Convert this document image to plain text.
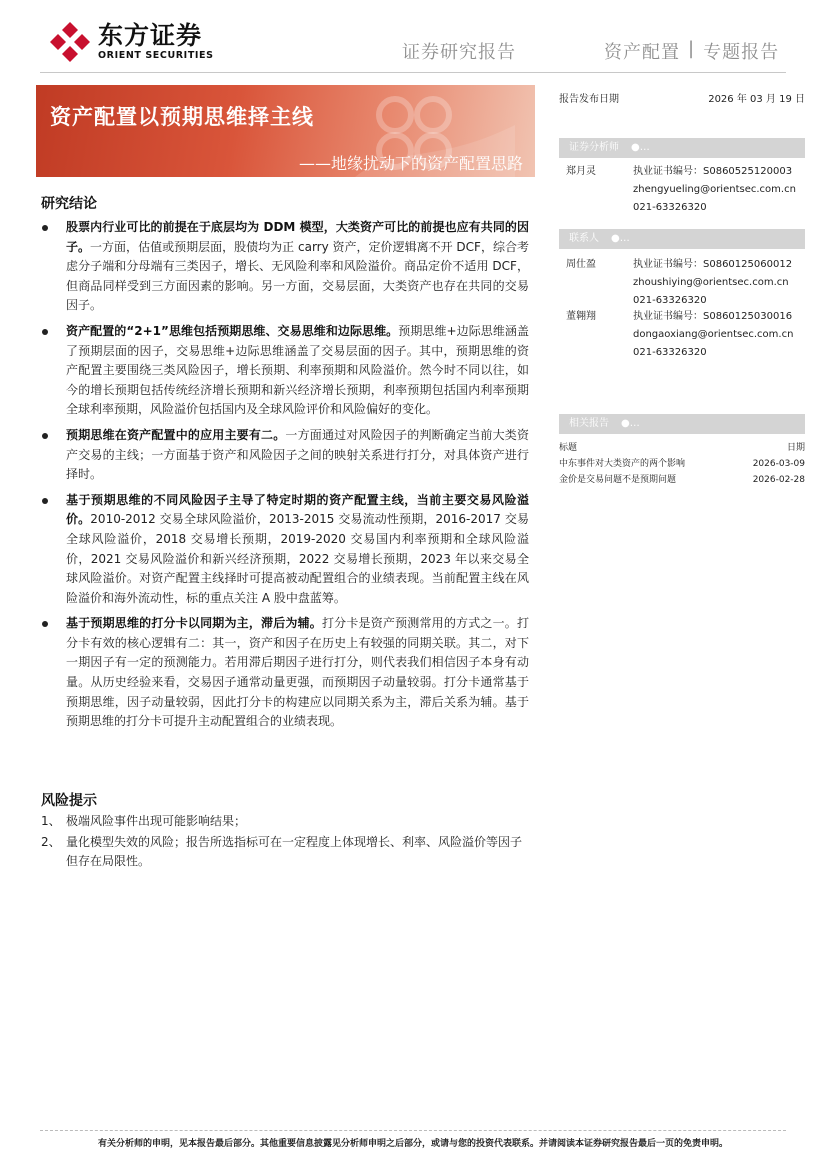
东方证券
ORIENT SECURITIES	证券研究报告	资产配置 | 专题报告
资产配置以预期思维择主线
——地缘扰动下的资产配置思路
报告发布日期	2026 年 03 月 19 日
证券分析师 ●…
郑月灵	执业证书编号：S0860525120003
zhengyueling@orientsec.com.cn
021-63326320
联系人 ●…
周仕盈	执业证书编号：S0860125060012
zhoushiying@orientsec.com.cn
021-63326320
董翱翔	执业证书编号：S0860125030016
dongaoxiang@orientsec.com.cn
021-63326320
相关报告 ●…
标题	日期
中东事件对大类资产的两个影响	2026-03-09
金价是交易问题不是预期问题	2026-02-28
研究结论
股票内行业可比的前提在于底层均为 DDM 模型，大类资产可比的前提也应有共同的因子。一方面，估值或预期层面，股债均为正 carry 资产，定价逻辑离不开 DCF，综合考虑分子端和分母端有三类因子，增长、无风险利率和风险溢价。商品定价不适用 DCF，但商品同样受到三方面因素的影响。另一方面，交易层面，大类资产也存在共同的交易因子。
资产配置的“2+1”思维包括预期思维、交易思维和边际思维。预期思维+边际思维涵盖了预期层面的因子，交易思维+边际思维涵盖了交易层面的因子。其中，预期思维的资产配置主要围绕三类风险因子，增长预期、利率预期和风险溢价。然今时不同以往，如今的增长预期包括传统经济增长预期和新兴经济增长预期，利率预期包括国内利率预期全球利率预期，风险溢价包括国内及全球风险评价和风险偏好的变化。
预期思维在资产配置中的应用主要有二。一方面通过对风险因子的判断确定当前大类资产交易的主线；一方面基于资产和风险因子之间的映射关系进行打分，对具体资产进行择时。
基于预期思维的不同风险因子主导了特定时期的资产配置主线，当前主要交易风险溢价。2010-2012 交易全球风险溢价，2013-2015 交易流动性预期，2016-2017 交易全球风险溢价，2018 交易增长预期，2019-2020 交易国内利率预期和全球风险溢价，2021 交易风险溢价和新兴经济预期，2022 交易增长预期，2023 年以来交易全球风险溢价。对资产配置主线择时可提高被动配置组合的业绩表现。当前配置主线在风险溢价和海外流动性，标的重点关注 A 股中盘蓝筹。
基于预期思维的打分卡以同期为主，滞后为辅。打分卡是资产预测常用的方式之一。打分卡有效的核心逻辑有二：其一，资产和因子在历史上有较强的同期关联。其二，对下一期因子有一定的预测能力。若用滞后期因子进行打分，则代表我们相信因子本身有动量。从历史经验来看，交易因子通常动量更强，而预期因子动量较弱。打分卡通常基于预期思维，因子动量较弱，因此打分卡的构建应以同期关系为主，滞后关系为辅。基于预期思维的打分卡可提升主动配置组合的业绩表现。
风险提示
1、 极端风险事件出现可能影响结果；
2、 量化模型失效的风险；报告所选指标可在一定程度上体现增长、利率、风险溢价等因子但存在局限性。
有关分析师的申明，见本报告最后部分。其他重要信息披露见分析师申明之后部分，或请与您的投资代表联系。并请阅读本证券研究报告最后一页的免责申明。
